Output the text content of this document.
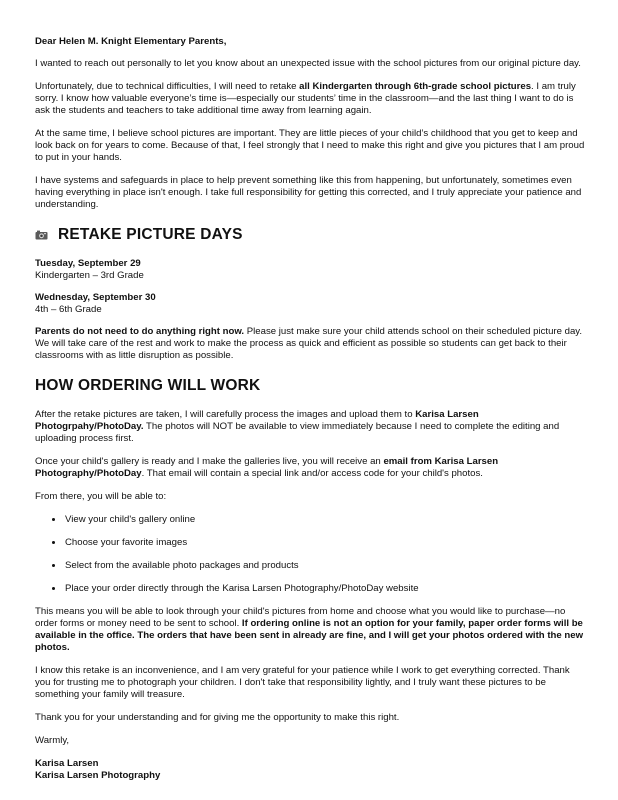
Dear Helen M. Knight Elementary Parents,

I wanted to reach out personally to let you know about an unexpected issue with the school pictures from our original picture day.

Unfortunately, due to technical difficulties, I will need to retake all Kindergarten through 6th-grade school pictures. I am truly sorry. I know how valuable everyone’s time is—especially our students’ time in the classroom—and the last thing I want to do is ask the students and teachers to take additional time away from learning again.

At the same time, I believe school pictures are important. They are little pieces of your child’s childhood that you get to keep and look back on for years to come. Because of that, I feel strongly that I need to make this right and give you pictures that I am proud to put in your hands.

I have systems and safeguards in place to help prevent something like this from happening, but unfortunately, sometimes even having everything in place isn't enough. I take full responsibility for getting this corrected, and I truly appreciate your patience and understanding.

RETAKE PICTURE DAYS
Tuesday, September 29
Kindergarten – 3rd Grade
Wednesday, September 30
4th – 6th Grade

Parents do not need to do anything right now. Please just make sure your child attends school on their scheduled picture day. We will take care of the rest and work to make the process as quick and efficient as possible so students can get back to their classrooms with as little disruption as possible.

HOW ORDERING WILL WORK

After the retake pictures are taken, I will carefully process the images and upload them to Karisa Larsen Photogrpahy/PhotoDay. The photos will NOT be available to view immediately because I need to complete the editing and uploading process first.

Once your child's gallery is ready and I make the galleries live, you will receive an email from Karisa Larsen Photography/PhotoDay. That email will contain a special link and/or access code for your child's photos.

From there, you will be able to:

• View your child's gallery online
• Choose your favorite images
• Select from the available photo packages and products
• Place your order directly through the Karisa Larsen Photography/PhotoDay website

This means you will be able to look through your child's pictures from home and choose what you would like to purchase—no order forms or money need to be sent to school. If ordering online is not an option for your family, paper order forms will be available in the office. The orders that have been sent in already are fine, and I will get your photos ordered with the new photos.

I know this retake is an inconvenience, and I am very grateful for your patience while I work to get everything corrected. Thank you for trusting me to photograph your children. I don't take that responsibility lightly, and I truly want these pictures to be something your family will treasure.

Thank you for your understanding and for giving me the opportunity to make this right.

Warmly,

Karisa Larsen

Karisa Larsen Photography
